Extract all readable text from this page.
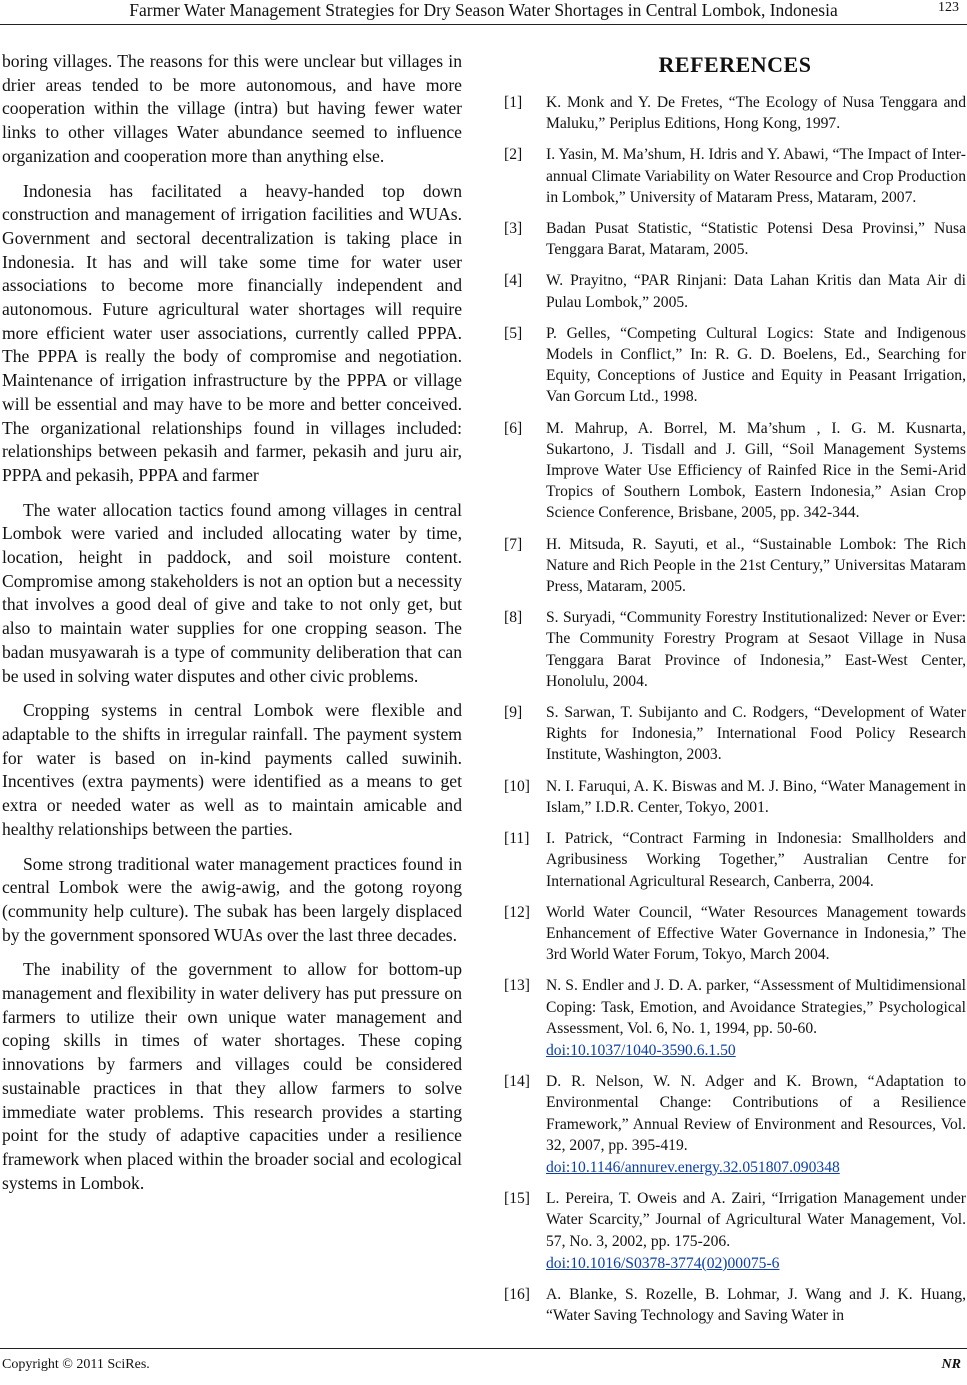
Farmer Water Management Strategies for Dry Season Water Shortages in Central Lombok, Indonesia	123

boring villages. The reasons for this were unclear but villages in drier areas tended to be more autonomous, and have more cooperation within the village (intra) but having fewer water links to other villages Water abundance seemed to influence organization and cooperation more than anything else.

Indonesia has facilitated a heavy-handed top down construction and management of irrigation facilities and WUAs. Government and sectoral decentralization is taking place in Indonesia. It has and will take some time for water user associations to become more financially independent and autonomous. Future agricultural water shortages will require more efficient water user associations, currently called PPPA. The PPPA is really the body of compromise and negotiation. Maintenance of irrigation infrastructure by the PPPA or village will be essential and may have to be more and better conceived. The organizational relationships found in villages included: relationships between pekasih and farmer, pekasih and juru air, PPPA and pekasih, PPPA and farmer

The water allocation tactics found among villages in central Lombok were varied and included allocating water by time, location, height in paddock, and soil moisture content. Compromise among stakeholders is not an option but a necessity that involves a good deal of give and take to not only get, but also to maintain water supplies for one cropping season. The badan musyawarah is a type of community deliberation that can be used in solving water disputes and other civic problems.

Cropping systems in central Lombok were flexible and adaptable to the shifts in irregular rainfall. The payment system for water is based on in-kind payments called suwinih. Incentives (extra payments) were identified as a means to get extra or needed water as well as to maintain amicable and healthy relationships between the parties.

Some strong traditional water management practices found in central Lombok were the awig-awig, and the gotong royong (community help culture). The subak has been largely displaced by the government sponsored WUAs over the last three decades.

The inability of the government to allow for bottom-up management and flexibility in water delivery has put pressure on farmers to utilize their own unique water management and coping skills in times of water shortages. These coping innovations by farmers and villages could be considered sustainable practices in that they allow farmers to solve immediate water problems. This research provides a starting point for the study of adaptive capacities under a resilience framework when placed within the broader social and ecological systems in Lombok.

REFERENCES
[1] K. Monk and Y. De Fretes, “The Ecology of Nusa Tenggara and Maluku,” Periplus Editions, Hong Kong, 1997.
[2] I. Yasin, M. Ma’shum, H. Idris and Y. Abawi, “The Impact of Inter-annual Climate Variability on Water Resource and Crop Production in Lombok,” University of Mataram Press, Mataram, 2007.
[3] Badan Pusat Statistic, “Statistic Potensi Desa Provinsi,” Nusa Tenggara Barat, Mataram, 2005.
[4] W. Prayitno, “PAR Rinjani: Data Lahan Kritis dan Mata Air di Pulau Lombok,” 2005.
[5] P. Gelles, “Competing Cultural Logics: State and Indigenous Models in Conflict,” In: R. G. D. Boelens, Ed., Searching for Equity, Conceptions of Justice and Equity in Peasant Irrigation, Van Gorcum Ltd., 1998.
[6] M. Mahrup, A. Borrel, M. Ma’shum , I. G. M. Kusnarta, Sukartono, J. Tisdall and J. Gill, “Soil Management Systems Improve Water Use Efficiency of Rainfed Rice in the Semi-Arid Tropics of Southern Lombok, Eastern Indonesia,” Asian Crop Science Conference, Brisbane, 2005, pp. 342-344.
[7] H. Mitsuda, R. Sayuti, et al., “Sustainable Lombok: The Rich Nature and Rich People in the 21st Century,” Universitas Mataram Press, Mataram, 2005.
[8] S. Suryadi, “Community Forestry Institutionalized: Never or Ever: The Community Forestry Program at Sesaot Village in Nusa Tenggara Barat Province of Indonesia,” East-West Center, Honolulu, 2004.
[9] S. Sarwan, T. Subijanto and C. Rodgers, “Development of Water Rights for Indonesia,” International Food Policy Research Institute, Washington, 2003.
[10] N. I. Faruqui, A. K. Biswas and M. J. Bino, “Water Management in Islam,” I.D.R. Center, Tokyo, 2001.
[11] I. Patrick, “Contract Farming in Indonesia: Smallholders and Agribusiness Working Together,” Australian Centre for International Agricultural Research, Canberra, 2004.
[12] World Water Council, “Water Resources Management towards Enhancement of Effective Water Governance in Indonesia,” The 3rd World Water Forum, Tokyo, March 2004.
[13] N. S. Endler and J. D. A. parker, “Assessment of Multidimensional Coping: Task, Emotion, and Avoidance Strategies,” Psychological Assessment, Vol. 6, No. 1, 1994, pp. 50-60.
doi:10.1037/1040-3590.6.1.50
[14] D. R. Nelson, W. N. Adger and K. Brown, “Adaptation to Environmental Change: Contributions of a Resilience Framework,” Annual Review of Environment and Resources, Vol. 32, 2007, pp. 395-419.
doi:10.1146/annurev.energy.32.051807.090348
[15] L. Pereira, T. Oweis and A. Zairi, “Irrigation Management under Water Scarcity,” Journal of Agricultural Water Management, Vol. 57, No. 3, 2002, pp. 175-206.
doi:10.1016/S0378-3774(02)00075-6
[16] A. Blanke, S. Rozelle, B. Lohmar, J. Wang and J. K. Huang, “Water Saving Technology and Saving Water in
Copyright © 2011 SciRes.	NR
